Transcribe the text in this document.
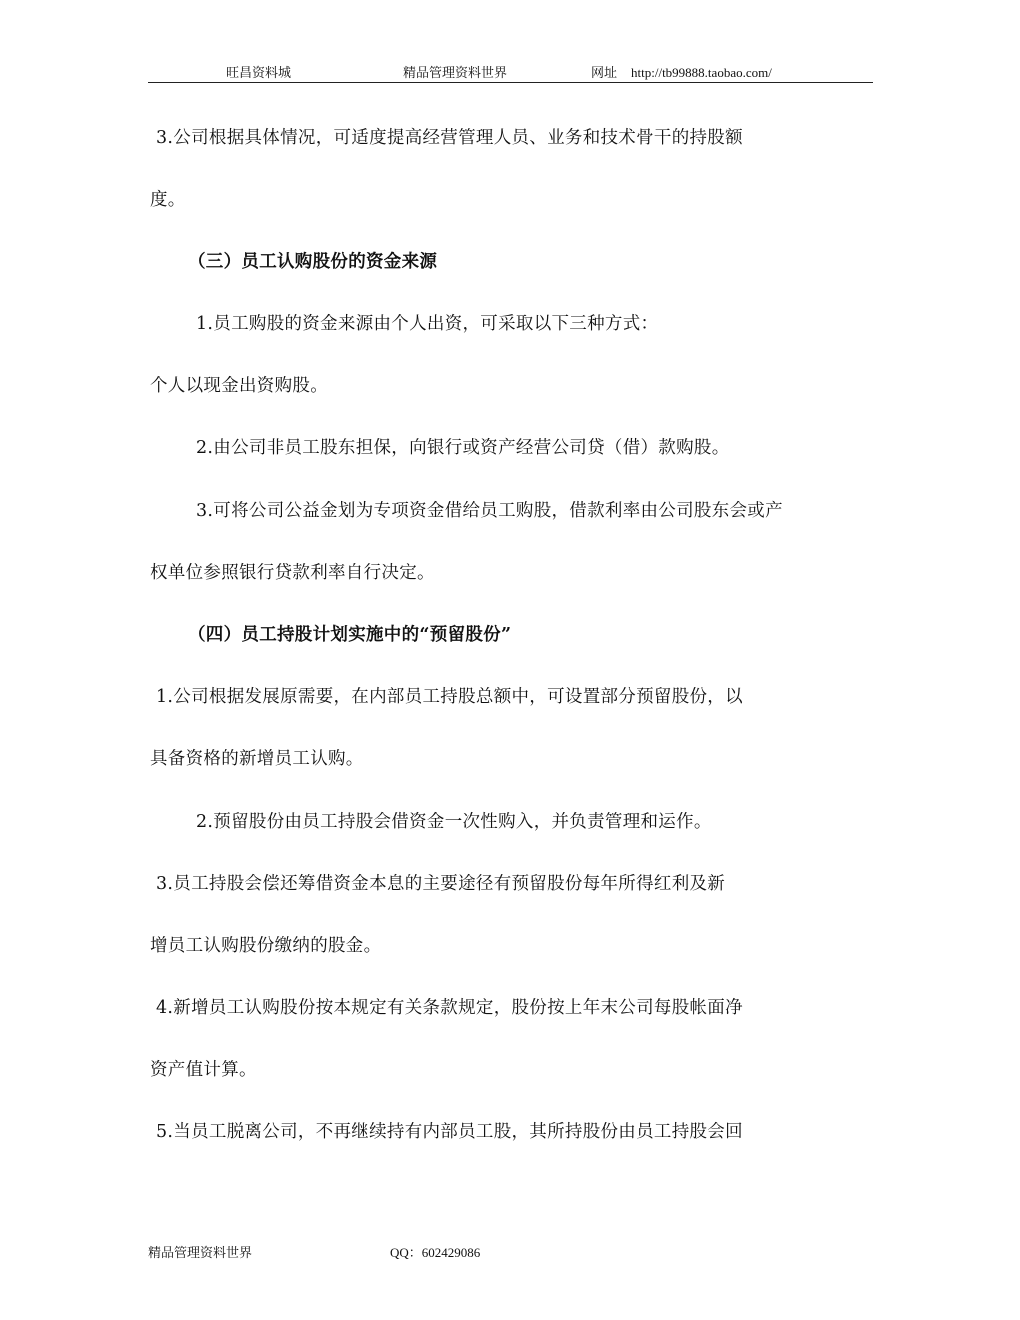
旺昌资料城	精品管理资料世界	网址 http://tb99888.taobao.com/
3.公司根据具体情况，可适度提高经营管理人员、业务和技术骨干的持股额
度。
（三）员工认购股份的资金来源
1.员工购股的资金来源由个人出资，可采取以下三种方式：
个人以现金出资购股。
2.由公司非员工股东担保，向银行或资产经营公司贷（借）款购股。
3.可将公司公益金划为专项资金借给员工购股，借款利率由公司股东会或产
权单位参照银行贷款利率自行决定。
（四）员工持股计划实施中的“预留股份”
1.公司根据发展原需要，在内部员工持股总额中，可设置部分预留股份，以
具备资格的新增员工认购。
2.预留股份由员工持股会借资金一次性购入，并负责管理和运作。
3.员工持股会偿还筹借资金本息的主要途径有预留股份每年所得红利及新
增员工认购股份缴纳的股金。
4.新增员工认购股份按本规定有关条款规定，股份按上年末公司每股帐面净
资产值计算。
5.当员工脱离公司，不再继续持有内部员工股，其所持股份由员工持股会回
精品管理资料世界	QQ：602429086
